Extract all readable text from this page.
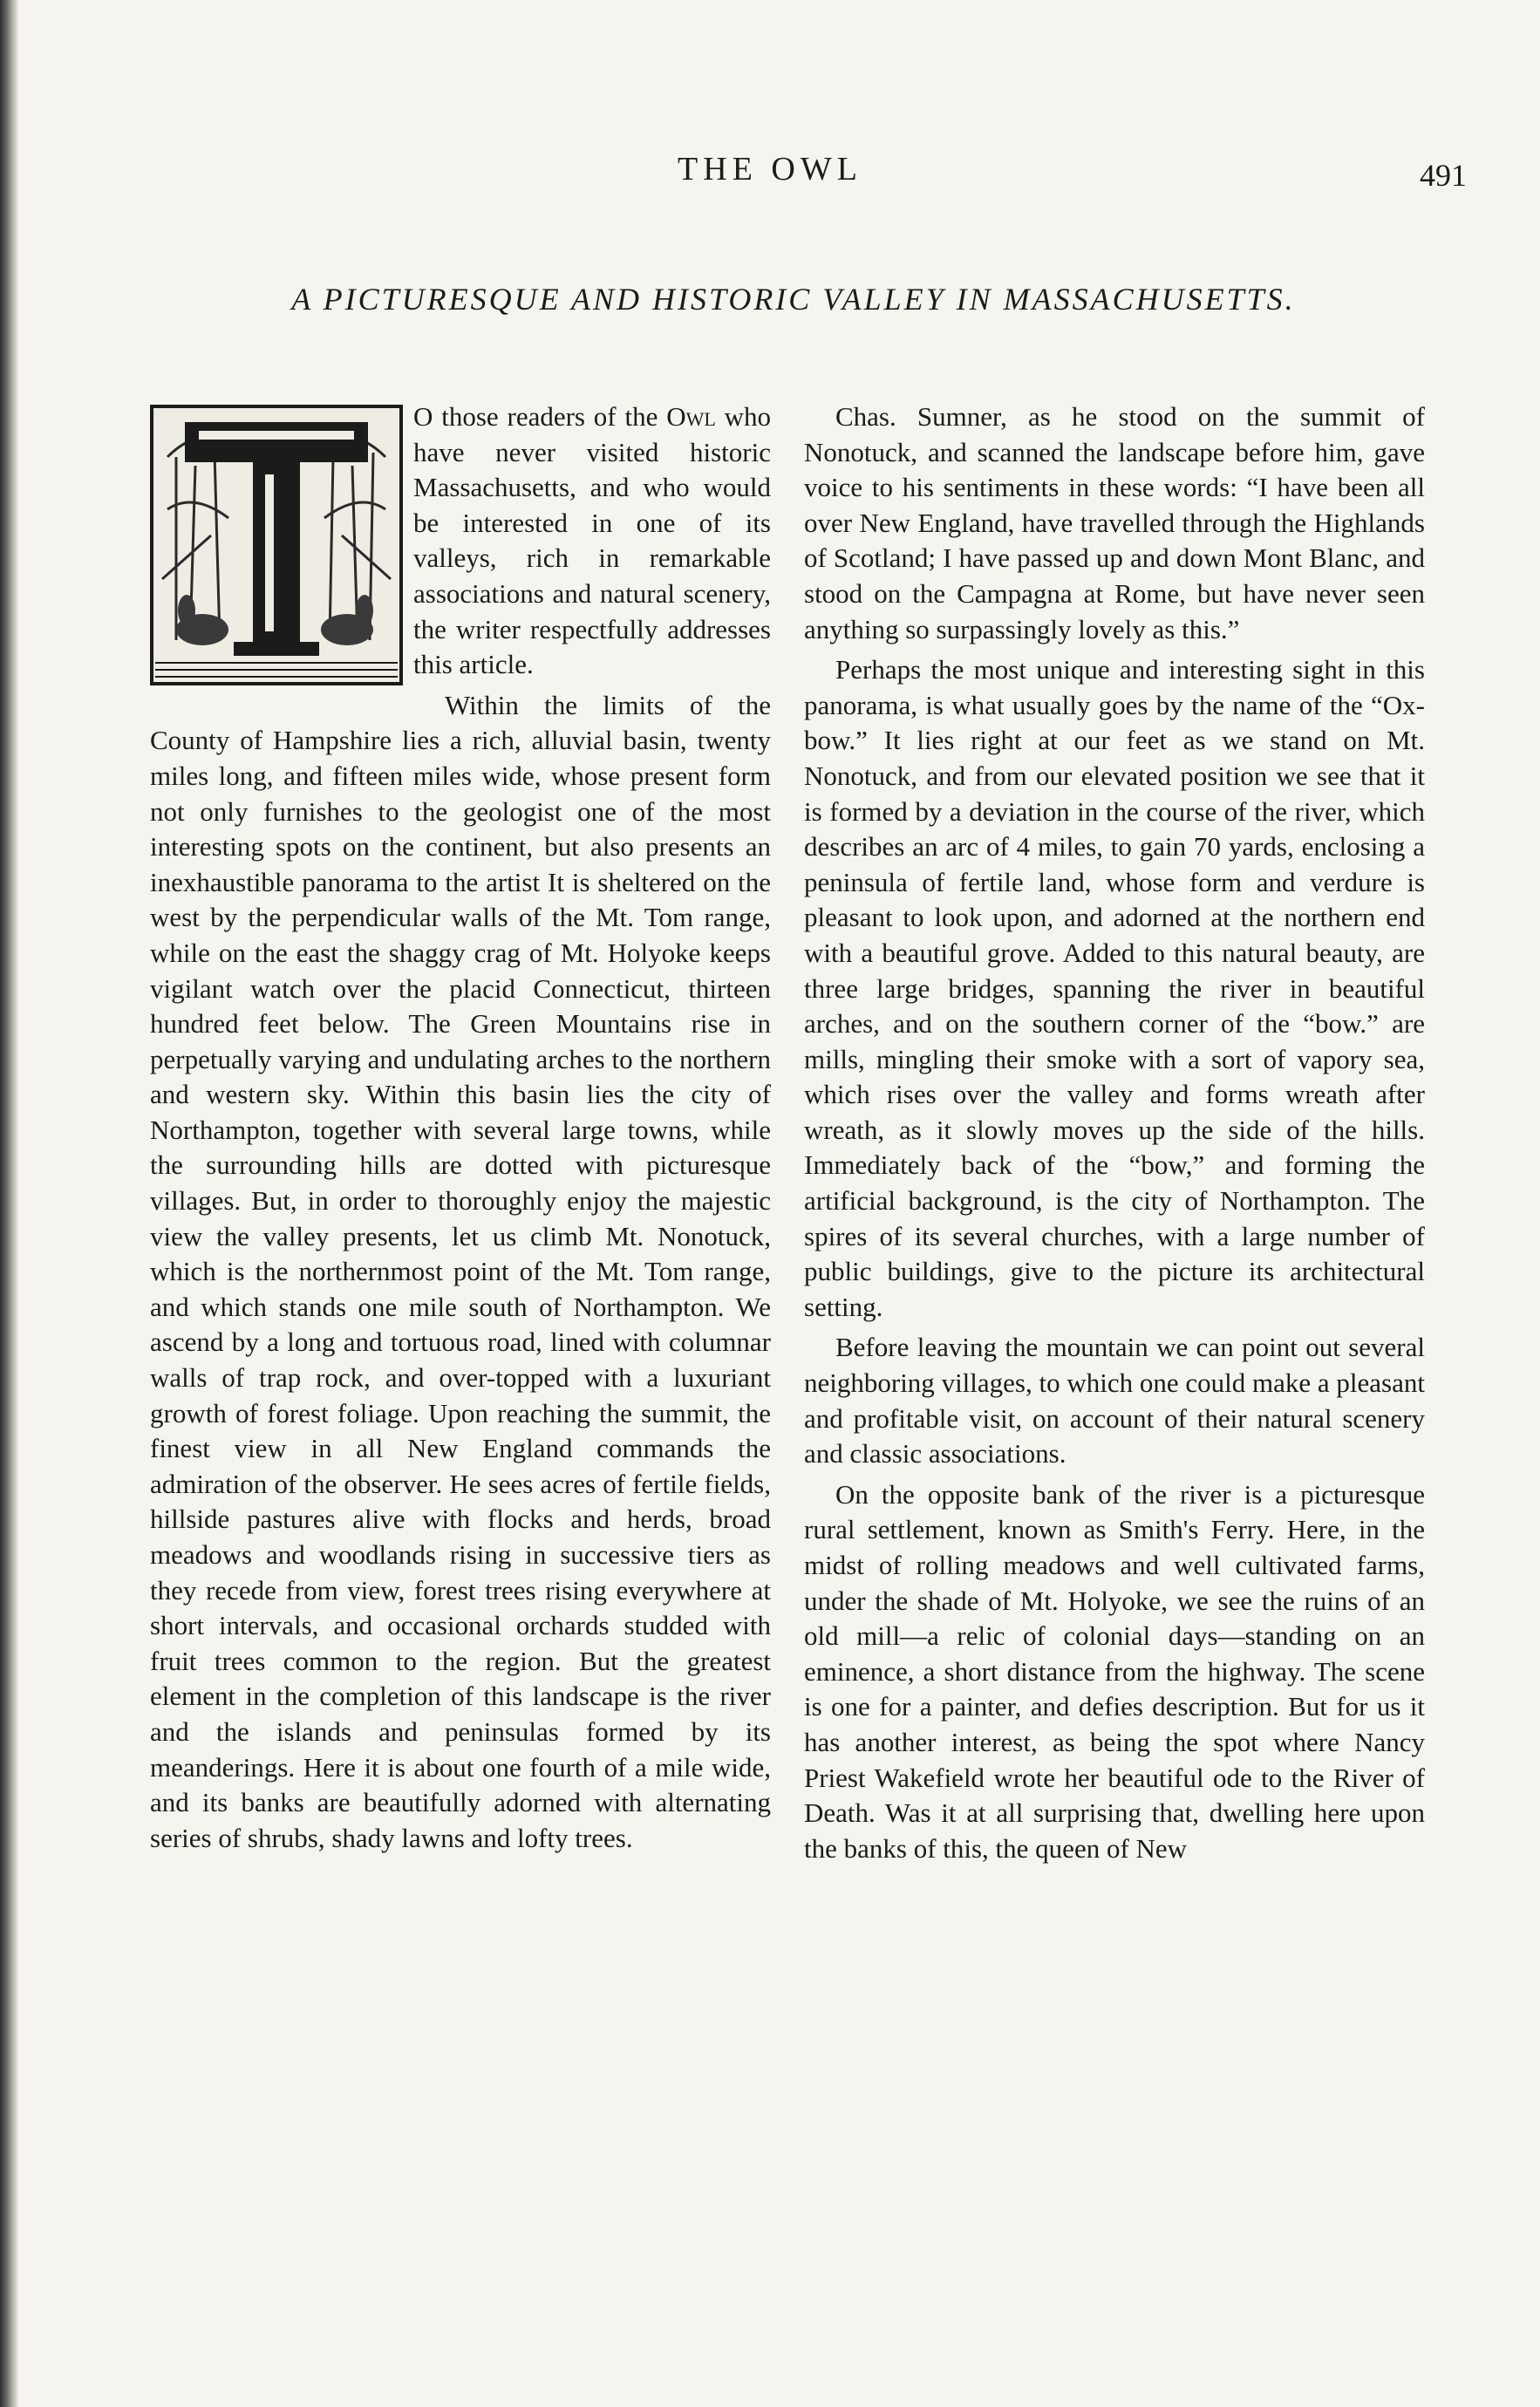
THE OWL	491
A PICTURESQUE AND HISTORIC VALLEY IN MASSACHUSETTS.

O those readers of the Owl who have never visited historic Massachusetts, and who would be interested in one of its valleys, rich in remarkable associations and natural scenery, the writer respectfully addresses this article.

Within the limits of the County of Hampshire lies a rich, alluvial basin, twenty miles long, and fifteen miles wide, whose present form not only furnishes to the geologist one of the most interesting spots on the continent, but also presents an inexhaustible panorama to the artist It is sheltered on the west by the perpendicular walls of the Mt. Tom range, while on the east the shaggy crag of Mt. Holyoke keeps vigilant watch over the placid Connecticut, thirteen hundred feet below. The Green Mountains rise in perpetually varying and undulating arches to the northern and western sky. Within this basin lies the city of Northampton, together with several large towns, while the surrounding hills are dotted with picturesque villages. But, in order to thoroughly enjoy the majestic view the valley presents, let us climb Mt. Nonotuck, which is the northernmost point of the Mt. Tom range, and which stands one mile south of Northampton. We ascend by a long and tortuous road, lined with columnar walls of trap rock, and over-topped with a luxuriant growth of forest foliage. Upon reaching the summit, the finest view in all New England commands the admiration of the observer. He sees acres of fertile fields, hillside pastures alive with flocks and herds, broad meadows and woodlands rising in successive tiers as they recede from view, forest trees rising everywhere at short intervals, and occasional orchards studded with fruit trees common to the region. But the greatest element in the completion of this landscape is the river and the islands and peninsulas formed by its meanderings. Here it is about one fourth of a mile wide, and its banks are beautifully adorned with alternating series of shrubs, shady lawns and lofty trees.

Chas. Sumner, as he stood on the summit of Nonotuck, and scanned the landscape before him, gave voice to his sentiments in these words: “I have been all over New England, have travelled through the Highlands of Scotland; I have passed up and down Mont Blanc, and stood on the Campagna at Rome, but have never seen anything so surpassingly lovely as this.”

Perhaps the most unique and interesting sight in this panorama, is what usually goes by the name of the “Ox-bow.” It lies right at our feet as we stand on Mt. Nonotuck, and from our elevated position we see that it is formed by a deviation in the course of the river, which describes an arc of 4 miles, to gain 70 yards, enclosing a peninsula of fertile land, whose form and verdure is pleasant to look upon, and adorned at the northern end with a beautiful grove. Added to this natural beauty, are three large bridges, spanning the river in beautiful arches, and on the southern corner of the “bow.” are mills, mingling their smoke with a sort of vapory sea, which rises over the valley and forms wreath after wreath, as it slowly moves up the side of the hills. Immediately back of the “bow,” and forming the artificial background, is the city of Northampton. The spires of its several churches, with a large number of public buildings, give to the picture its architectural setting.

Before leaving the mountain we can point out several neighboring villages, to which one could make a pleasant and profitable visit, on account of their natural scenery and classic associations.

On the opposite bank of the river is a picturesque rural settlement, known as Smith's Ferry. Here, in the midst of rolling meadows and well cultivated farms, under the shade of Mt. Holyoke, we see the ruins of an old mill—a relic of colonial days—standing on an eminence, a short distance from the highway. The scene is one for a painter, and defies description. But for us it has another interest, as being the spot where Nancy Priest Wakefield wrote her beautiful ode to the River of Death. Was it at all surprising that, dwelling here upon the banks of this, the queen of New
